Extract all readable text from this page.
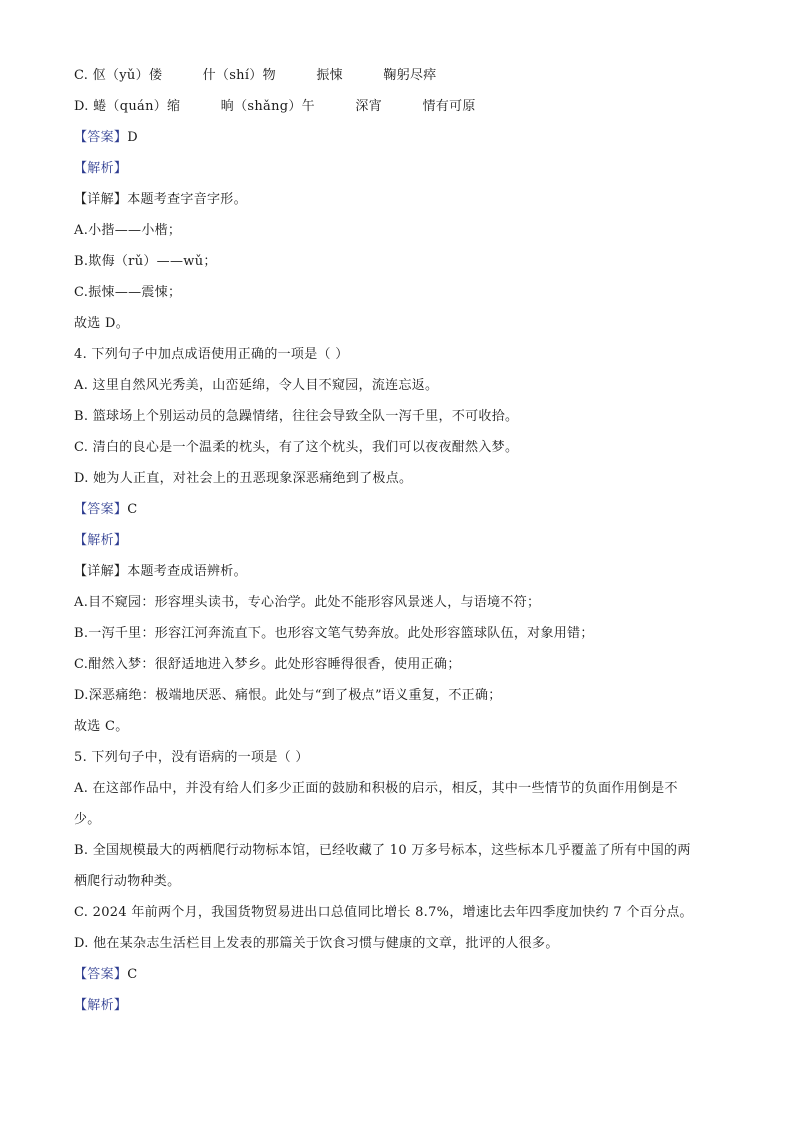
C. 伛（yǔ）偻	什（shí）物	振悚	鞠躬尽瘁
D. 蜷（quán）缩	晌（shǎng）午	深宵	情有可原
【答案】D
【解析】
【详解】本题考查字音字形。
A.小揩——小楷；
B.欺侮（rǔ）——wǔ；
C.振悚——震悚；
故选 D。
4. 下列句子中加点成语使用正确的一项是（ ）
A. 这里自然风光秀美，山峦延绵，令人目不窥园，流连忘返。
B. 篮球场上个别运动员的急躁情绪，往往会导致全队一泻千里，不可收拾。
C. 清白的良心是一个温柔的枕头，有了这个枕头，我们可以夜夜酣然入梦。
D. 她为人正直，对社会上的丑恶现象深恶痛绝到了极点。
【答案】C
【解析】
【详解】本题考查成语辨析。
A.目不窥园：形容埋头读书，专心治学。此处不能形容风景迷人，与语境不符；
B.一泻千里：形容江河奔流直下。也形容文笔气势奔放。此处形容篮球队伍，对象用错；
C.酣然入梦：很舒适地进入梦乡。此处形容睡得很香，使用正确；
D.深恶痛绝：极端地厌恶、痛恨。此处与“到了极点”语义重复，不正确；
故选 C。
5. 下列句子中，没有语病的一项是（ ）
A. 在这部作品中，并没有给人们多少正面的鼓励和积极的启示，相反，其中一些情节的负面作用倒是不
少。
B. 全国规模最大的两栖爬行动物标本馆，已经收藏了 10 万多号标本，这些标本几乎覆盖了所有中国的两
栖爬行动物种类。
C. 2024 年前两个月，我国货物贸易进出口总值同比增长 8.7%，增速比去年四季度加快约 7 个百分点。
D. 他在某杂志生活栏目上发表的那篇关于饮食习惯与健康的文章，批评的人很多。
【答案】C
【解析】
